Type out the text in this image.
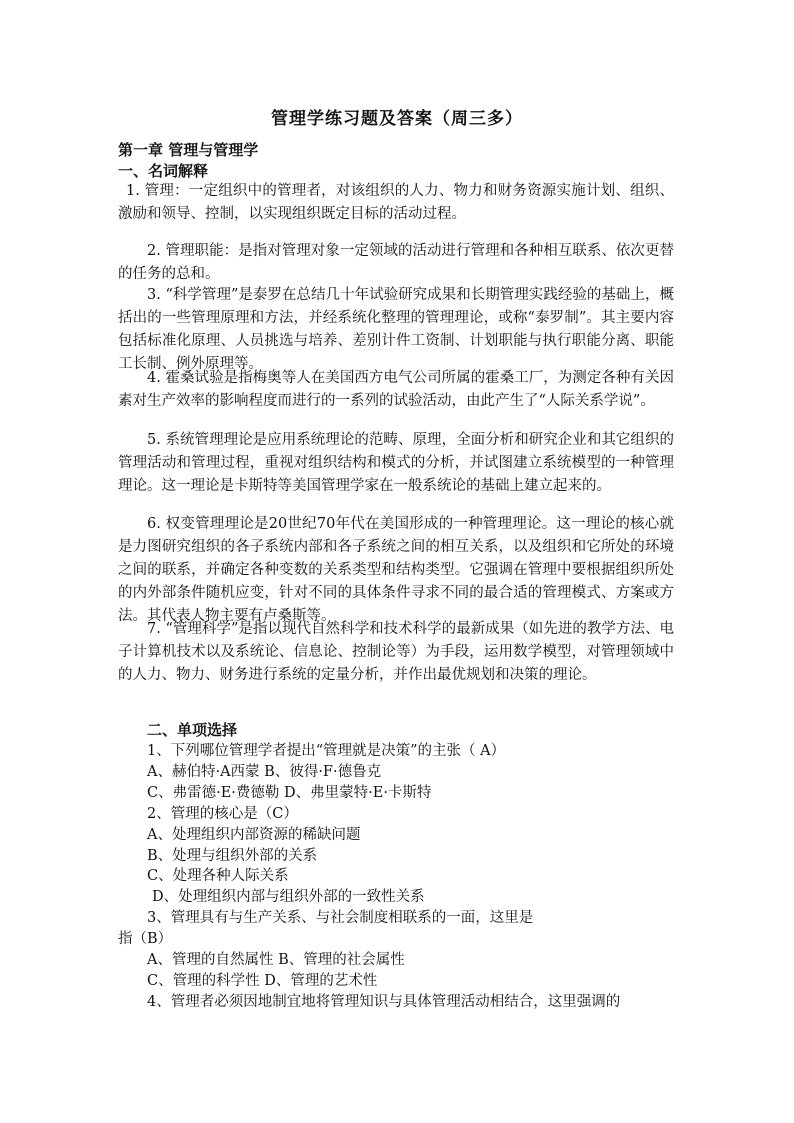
管理学练习题及答案（周三多）
第一章 管理与管理学
一、名词解释

1. 管理：一定组织中的管理者，对该组织的人力、物力和财务资源实施计划、组织、激励和领导、控制，以实现组织既定目标的活动过程。

2. 管理职能：是指对管理对象一定领域的活动进行管理和各种相互联系、依次更替的任务的总和。

3. “科学管理”是泰罗在总结几十年试验研究成果和长期管理实践经验的基础上，概括出的一些管理原理和方法，并经系统化整理的管理理论，或称“泰罗制”。其主要内容包括标准化原理、人员挑选与培养、差别计件工资制、计划职能与执行职能分离、职能工长制、例外原理等。

4. 霍桑试验是指梅奥等人在美国西方电气公司所属的霍桑工厂，为测定各种有关因素对生产效率的影响程度而进行的一系列的试验活动，由此产生了“人际关系学说”。

5. 系统管理理论是应用系统理论的范畴、原理，全面分析和研究企业和其它组织的管理活动和管理过程，重视对组织结构和模式的分析，并试图建立系统模型的一种管理理论。这一理论是卡斯特等美国管理学家在一般系统论的基础上建立起来的。

6. 权变管理理论是20世纪70年代在美国形成的一种管理理论。这一理论的核心就是力图研究组织的各子系统内部和各子系统之间的相互关系，以及组织和它所处的环境之间的联系，并确定各种变数的关系类型和结构类型。它强调在管理中要根据组织所处的内外部条件随机应变，针对不同的具体条件寻求不同的最合适的管理模式、方案或方法。其代表人物主要有卢桑斯等。

7. “管理科学”是指以现代自然科学和技术科学的最新成果（如先进的教学方法、电子计算机技术以及系统论、信息论、控制论等）为手段，运用数学模型，对管理领域中的人力、物力、财务进行系统的定量分析，并作出最优规划和决策的理论。

二、单项选择
1、下列哪位管理学者提出“管理就是决策”的主张（ A）
A、赫伯特·A西蒙 B、彼得·F·德鲁克
C、弗雷德·E·费德勒 D、弗里蒙特·E·卡斯特
2、管理的核心是（C）
A、处理组织内部资源的稀缺问题
B、处理与组织外部的关系
C、处理各种人际关系
D、处理组织内部与组织外部的一致性关系
3、管理具有与生产关系、与社会制度相联系的一面，这里是
指（B）
A、管理的自然属性 B、管理的社会属性
C、管理的科学性 D、管理的艺术性
4、管理者必须因地制宜地将管理知识与具体管理活动相结合，这里强调的
